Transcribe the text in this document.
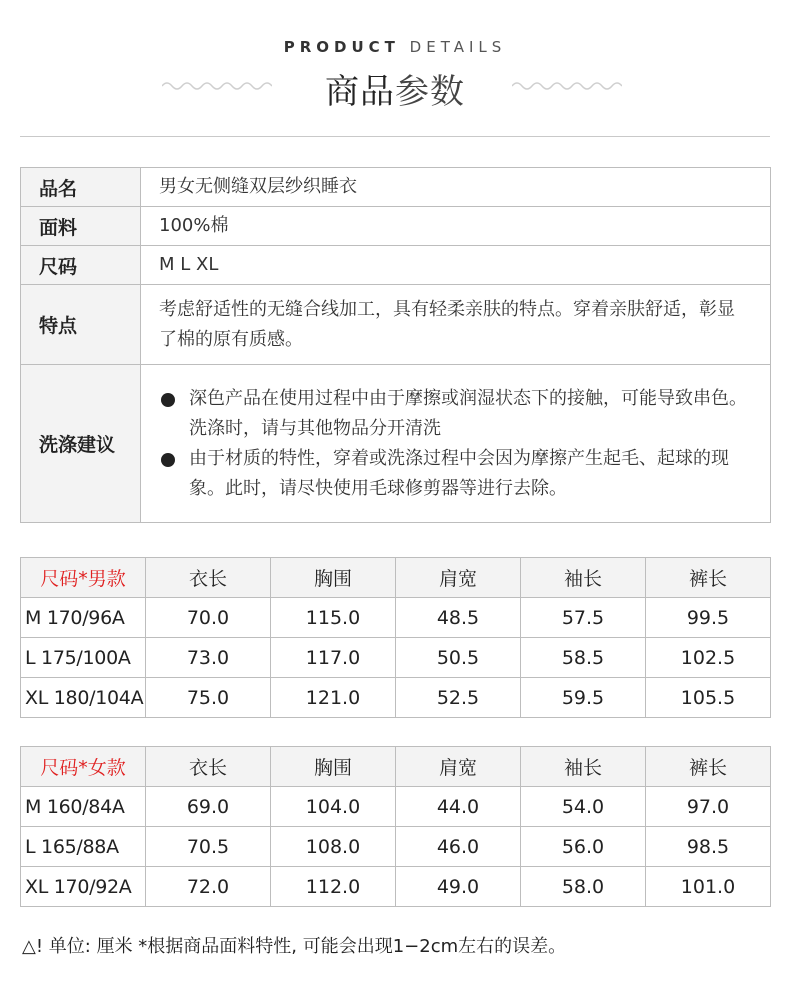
PRODUCT DETAILS
商品参数
品名	男女无侧缝双层纱织睡衣
面料	100%棉
尺码	M L XL
特点	考虑舒适性的无缝合线加工，具有轻柔亲肤的特点。穿着亲肤舒适，彰显了棉的原有质感。
洗涤建议	深色产品在使用过程中由于摩擦或润湿状态下的接触，可能导致串色。洗涤时，请与其他物品分开清洗
由于材质的特性，穿着或洗涤过程中会因为摩擦产生起毛、起球的现象。此时，请尽快使用毛球修剪器等进行去除。
尺码*男款	衣长	胸围	肩宽	袖长	裤长
M 170/96A	70.0	115.0	48.5	57.5	99.5
L 175/100A	73.0	117.0	50.5	58.5	102.5
XL 180/104A	75.0	121.0	52.5	59.5	105.5
尺码*女款	衣长	胸围	肩宽	袖长	裤长
M 160/84A	69.0	104.0	44.0	54.0	97.0
L 165/88A	70.5	108.0	46.0	56.0	98.5
XL 170/92A	72.0	112.0	49.0	58.0	101.0
△! 单位: 厘米 *根据商品面料特性, 可能会出现1−2cm左右的误差。
